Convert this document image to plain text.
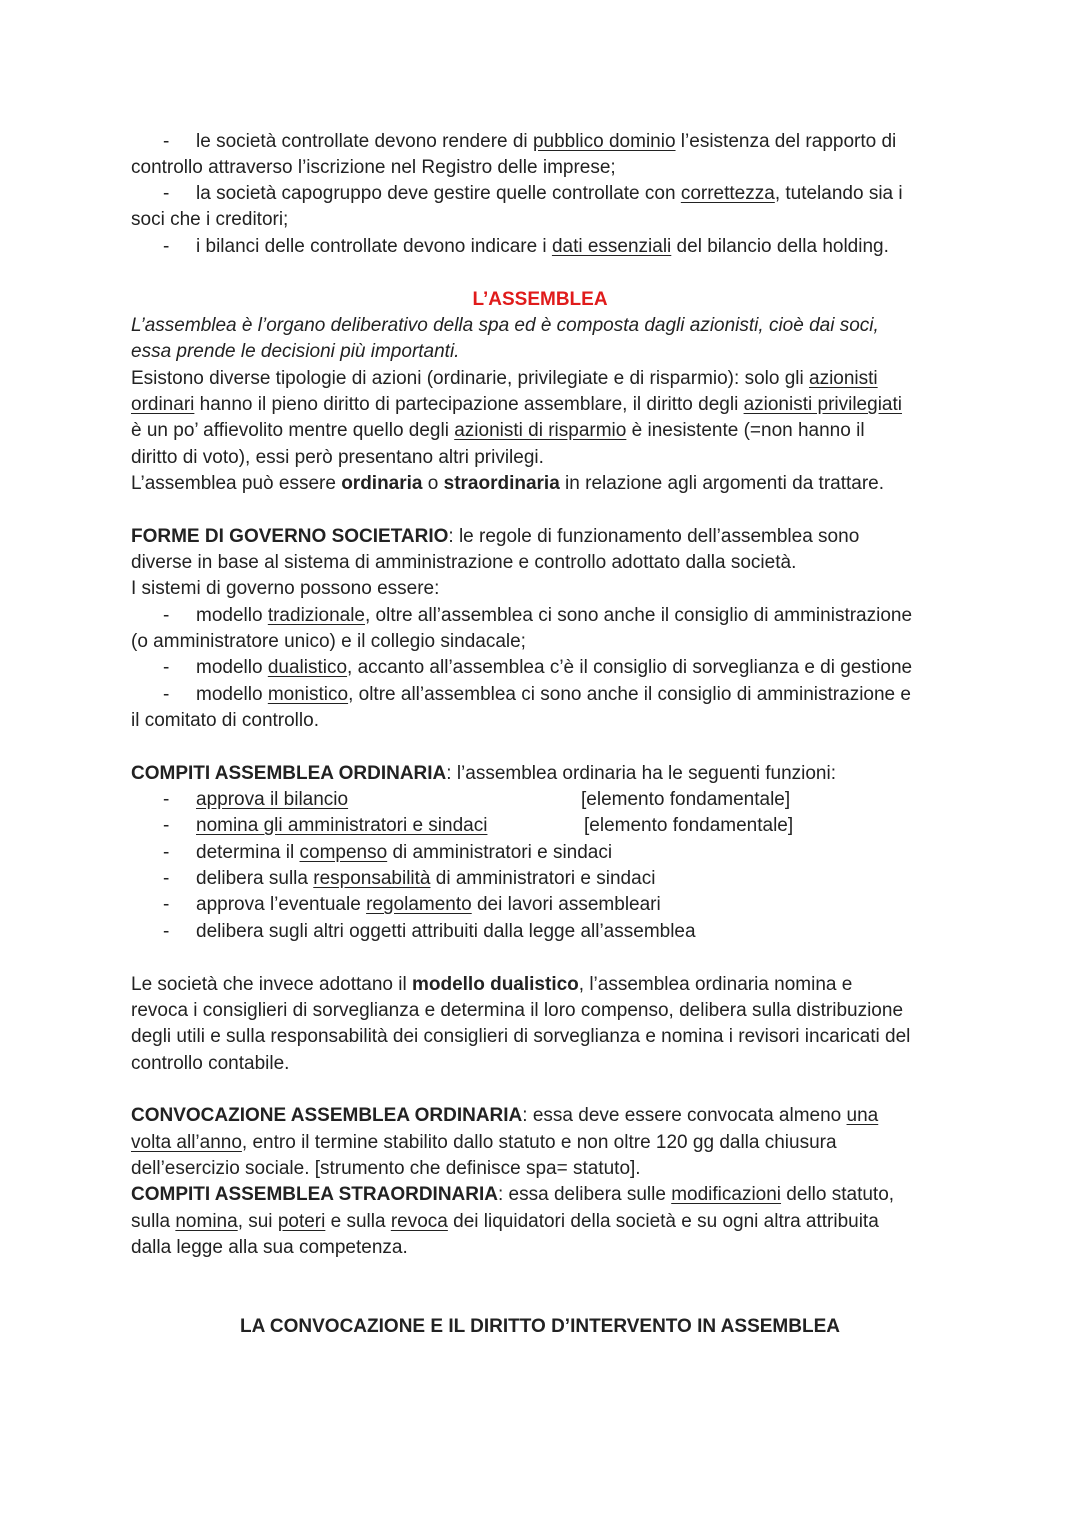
- le società controllate devono rendere di pubblico dominio l’esistenza del rapporto di
controllo attraverso l’iscrizione nel Registro delle imprese;
- la società capogruppo deve gestire quelle controllate con correttezza, tutelando sia i
soci che i creditori;
- i bilanci delle controllate devono indicare i dati essenziali del bilancio della holding.
L’ASSEMBLEA
L’assemblea è l’organo deliberativo della spa ed è composta dagli azionisti, cioè dai soci,
essa prende le decisioni più importanti.
Esistono diverse tipologie di azioni (ordinarie, privilegiate e di risparmio): solo gli azionisti
ordinari hanno il pieno diritto di partecipazione assemblare, il diritto degli azionisti privilegiati
è un po’ affievolito mentre quello degli azionisti di risparmio è inesistente (=non hanno il
diritto di voto), essi però presentano altri privilegi.
L’assemblea può essere ordinaria o straordinaria in relazione agli argomenti da trattare.
FORME DI GOVERNO SOCIETARIO: le regole di funzionamento dell’assemblea sono
diverse in base al sistema di amministrazione e controllo adottato dalla società.
I sistemi di governo possono essere:
- modello tradizionale, oltre all’assemblea ci sono anche il consiglio di amministrazione
(o amministratore unico) e il collegio sindacale;
- modello dualistico, accanto all’assemblea c’è il consiglio di sorveglianza e di gestione
- modello monistico, oltre all’assemblea ci sono anche il consiglio di amministrazione e
il comitato di controllo.
COMPITI ASSEMBLEA ORDINARIA: l’assemblea ordinaria ha le seguenti funzioni:
- approva il bilancio	[elemento fondamentale]
- nomina gli amministratori e sindaci	[elemento fondamentale]
- determina il compenso di amministratori e sindaci
- delibera sulla responsabilità di amministratori e sindaci
- approva l’eventuale regolamento dei lavori assembleari
- delibera sugli altri oggetti attribuiti dalla legge all’assemblea
Le società che invece adottano il modello dualistico, l’assemblea ordinaria nomina e
revoca i consiglieri di sorveglianza e determina il loro compenso, delibera sulla distribuzione
degli utili e sulla responsabilità dei consiglieri di sorveglianza e nomina i revisori incaricati del
controllo contabile.
CONVOCAZIONE ASSEMBLEA ORDINARIA: essa deve essere convocata almeno una
volta all’anno, entro il termine stabilito dallo statuto e non oltre 120 gg dalla chiusura
dell’esercizio sociale. [strumento che definisce spa= statuto].
COMPITI ASSEMBLEA STRAORDINARIA: essa delibera sulle modificazioni dello statuto,
sulla nomina, sui poteri e sulla revoca dei liquidatori della società e su ogni altra attribuita
dalla legge alla sua competenza.
LA CONVOCAZIONE E IL DIRITTO D’INTERVENTO IN ASSEMBLEA
